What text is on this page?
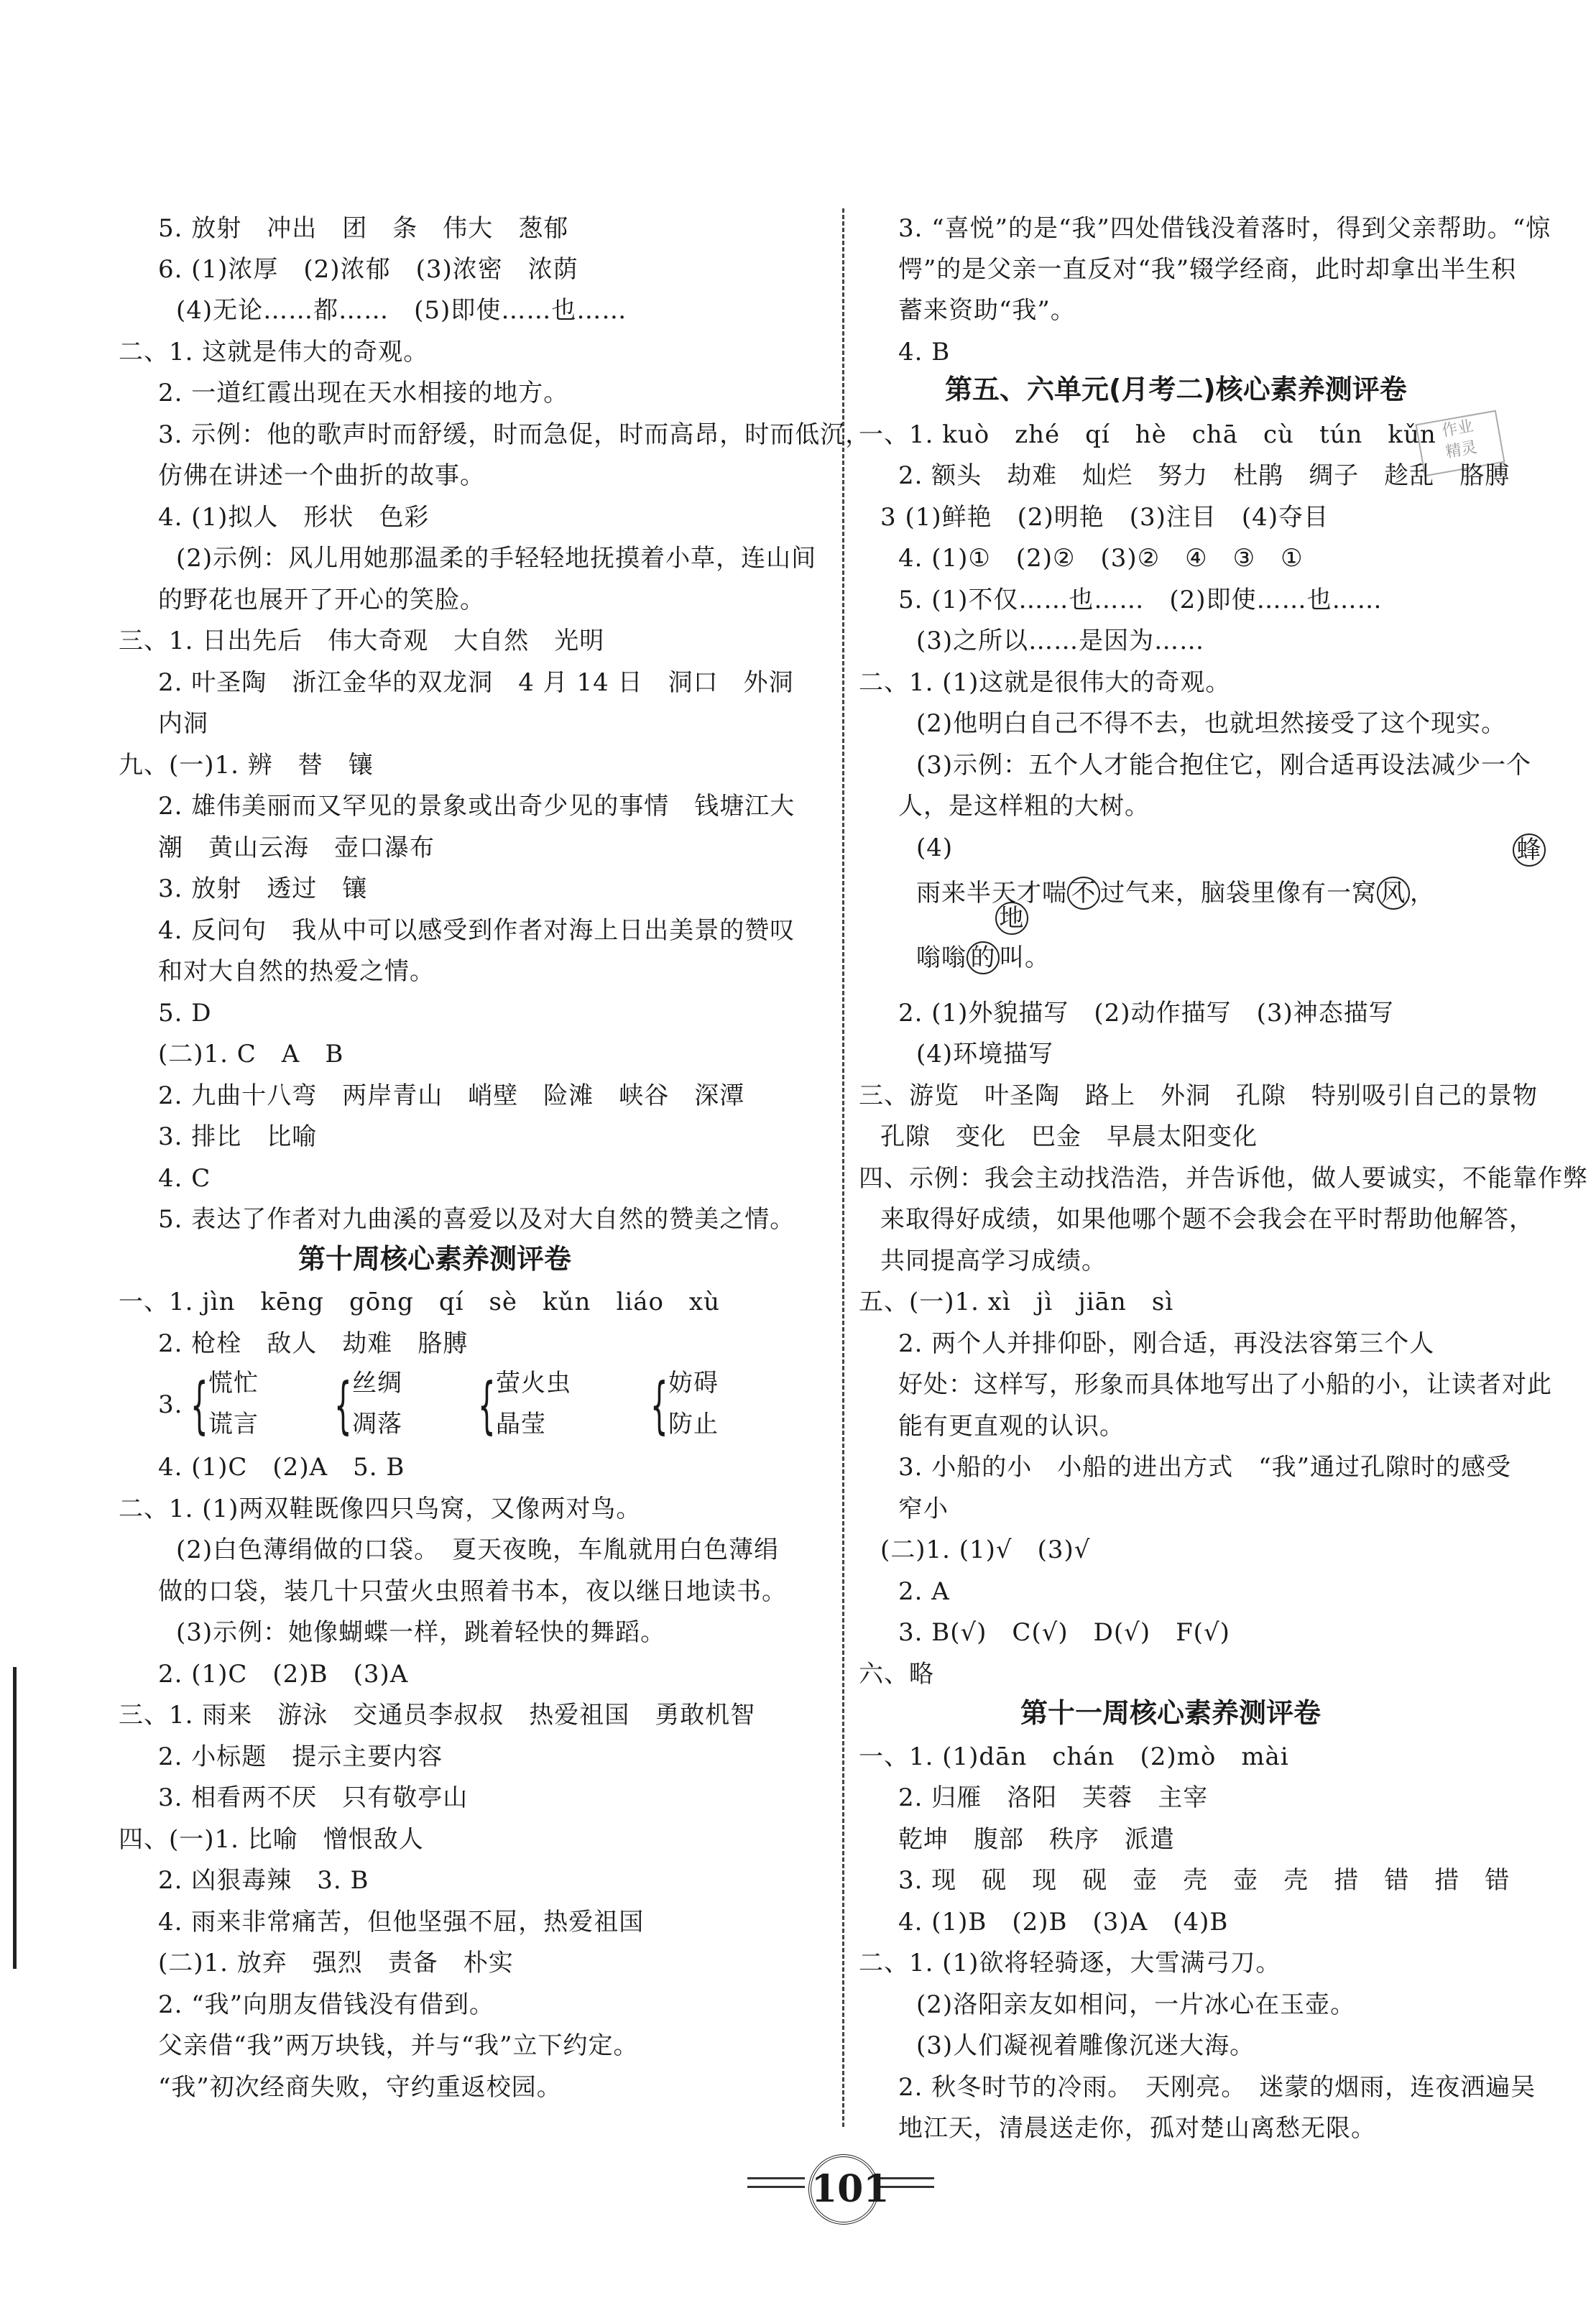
第十周核心素养测评卷
3. { 慌忙
谎言 { 丝绸
凋落 { 萤火虫
晶莹 { 妨碍
防止
5. 放射　冲出　团　条　伟大　葱郁
6. (1)浓厚　(2)浓郁　(3)浓密　浓荫
(4)无论……都……　(5)即使……也……
二、1. 这就是伟大的奇观。
2. 一道红霞出现在天水相接的地方。
3. 示例：他的歌声时而舒缓，时而急促，时而高昂，时而低沉，
仿佛在讲述一个曲折的故事。
4. (1)拟人　形状　色彩
(2)示例：风儿用她那温柔的手轻轻地抚摸着小草，连山间
的野花也展开了开心的笑脸。
三、1. 日出先后　伟大奇观　大自然　光明
2. 叶圣陶　浙江金华的双龙洞　4 月 14 日　洞口　外洞
内洞
九、(一)1. 辨　替　镶
2. 雄伟美丽而又罕见的景象或出奇少见的事情　钱塘江大
潮　黄山云海　壶口瀑布
3. 放射　透过　镶
4. 反问句　我从中可以感受到作者对海上日出美景的赞叹
和对大自然的热爱之情。
5. D
(二)1. C　A　B
2. 九曲十八弯　两岸青山　峭壁　险滩　峡谷　深潭
3. 排比　比喻
4. C
5. 表达了作者对九曲溪的喜爱以及对大自然的赞美之情。
一、1. jìn　kēng　gōng　qí　sè　kǔn　liáo　xù
2. 枪栓　敌人　劫难　胳膊
4. (1)C　(2)A　5. B
二、1. (1)两双鞋既像四只鸟窝，又像两对鸟。
(2)白色薄绢做的口袋。　夏天夜晚，车胤就用白色薄绢
做的口袋，装几十只萤火虫照着书本，夜以继日地读书。
(3)示例：她像蝴蝶一样，跳着轻快的舞蹈。
2. (1)C　(2)B　(3)A
三、1. 雨来　游泳　交通员李叔叔　热爱祖国　勇敢机智
2. 小标题　提示主要内容
3. 相看两不厌　只有敬亭山
四、(一)1. 比喻　憎恨敌人
2. 凶狠毒辣　3. B
4. 雨来非常痛苦，但他坚强不屈，热爱祖国
(二)1. 放弃　强烈　责备　朴实
2. “我”向朋友借钱没有借到。
父亲借“我”两万块钱，并与“我”立下约定。
“我”初次经商失败，守约重返校园。
第五、六单元(月考二)核心素养测评卷
作业
精灵
雨来半天才喘 不 过气来，脑袋里像有一窝 风 ，
蜂
嗡嗡 的 叫。
地
第十一周核心素养测评卷
3. “喜悦”的是“我”四处借钱没着落时，得到父亲帮助。“惊
愕”的是父亲一直反对“我”辍学经商，此时却拿出半生积
蓄来资助“我”。
4. B
一、1. kuò　zhé　qí　hè　chā　cù　tún　kǔn
2. 额头　劫难　灿烂　努力　杜鹃　绸子　趁乱　胳膊
3 (1)鲜艳　(2)明艳　(3)注目　(4)夺目
4. (1)①　(2)②　(3)②　④　③　①
5. (1)不仅……也……　(2)即使……也……
(3)之所以……是因为……
二、1. (1)这就是很伟大的奇观。
(2)他明白自己不得不去，也就坦然接受了这个现实。
(3)示例：五个人才能合抱住它，刚合适再设法减少一个
人，是这样粗的大树。
(4)
2. (1)外貌描写　(2)动作描写　(3)神态描写
(4)环境描写
三、游览　叶圣陶　路上　外洞　孔隙　特别吸引自己的景物
孔隙　变化　巴金　早晨太阳变化
四、示例：我会主动找浩浩，并告诉他，做人要诚实，不能靠作弊
来取得好成绩，如果他哪个题不会我会在平时帮助他解答，
共同提高学习成绩。
五、(一)1. xì　jì　jiān　sì
2. 两个人并排仰卧，刚合适，再没法容第三个人
好处：这样写，形象而具体地写出了小船的小，让读者对此
能有更直观的认识。
3. 小船的小　小船的进出方式　“我”通过孔隙时的感受
窄小
(二)1. (1)√　(3)√
2. A
3. B(√)　C(√)　D(√)　F(√)
六、略
一、1. (1)dān　chán　(2)mò　mài
2. 归雁　洛阳　芙蓉　主宰
乾坤　腹部　秩序　派遣
3. 现　砚　现　砚　壶　壳　壶　壳　措　错　措　错
4. (1)B　(2)B　(3)A　(4)B
二、1. (1)欲将轻骑逐，大雪满弓刀。
(2)洛阳亲友如相问，一片冰心在玉壶。
(3)人们凝视着雕像沉迷大海。
2. 秋冬时节的冷雨。　天刚亮。　迷蒙的烟雨，连夜洒遍吴
地江天，清晨送走你，孤对楚山离愁无限。
101
